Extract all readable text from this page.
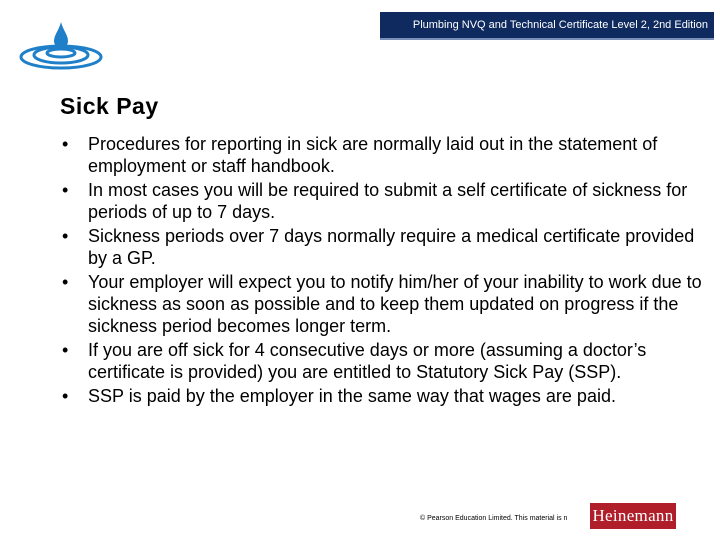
Plumbing NVQ and Technical Certificate Level 2, 2nd Edition
Sick Pay
•	Procedures for reporting in sick are normally laid out in the statement of employment or staff handbook.
•	In most cases you will be required to submit a self certificate of sickness for periods of up to 7 days.
•	Sickness periods over 7 days normally require a medical certificate provided by a GP.
•	Your employer will expect you to notify him/her of your inability to work due to sickness as soon as possible and to keep them updated on progress if the sickness period becomes longer term.
•	If you are off sick for 4 consecutive days or more (assuming a doctor’s certificate is provided) you are entitled to Statutory Sick Pay (SSP).
•	SSP is paid by the employer in the same way that wages are paid.
© Pearson Education Limited. This material is n	Heinemann
